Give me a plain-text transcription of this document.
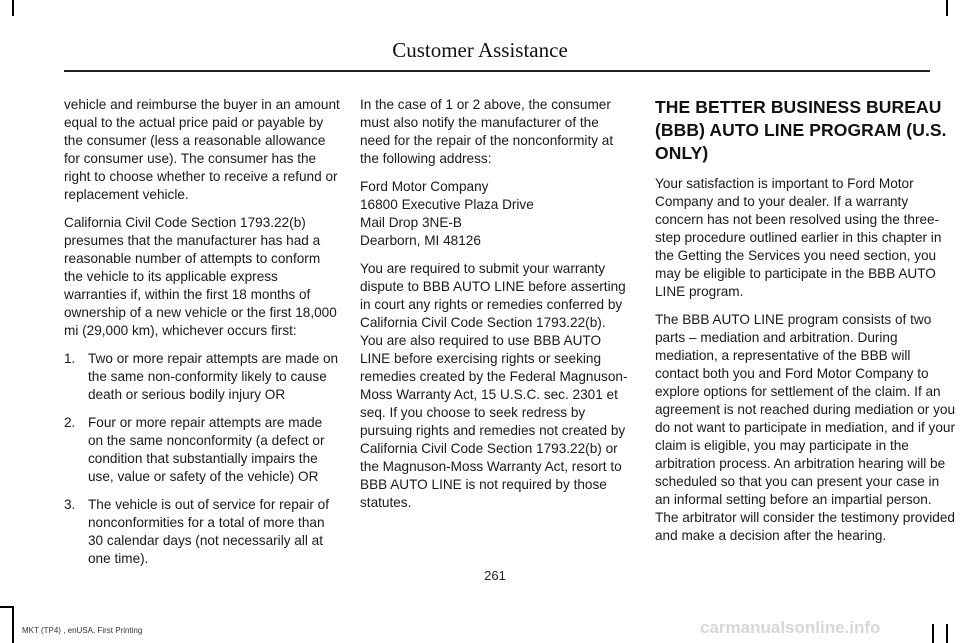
Customer Assistance

vehicle and reimburse the buyer in an amount equal to the actual price paid or payable by the consumer (less a reasonable allowance for consumer use). The consumer has the right to choose whether to receive a refund or replacement vehicle.

California Civil Code Section 1793.22(b) presumes that the manufacturer has had a reasonable number of attempts to conform the vehicle to its applicable express warranties if, within the first 18 months of ownership of a new vehicle or the first 18,000 mi (29,000 km), whichever occurs first:

1. Two or more repair attempts are made on the same non-conformity likely to cause death or serious bodily injury OR
2. Four or more repair attempts are made on the same nonconformity (a defect or condition that substantially impairs the use, value or safety of the vehicle) OR
3. The vehicle is out of service for repair of nonconformities for a total of more than 30 calendar days (not necessarily all at one time).

In the case of 1 or 2 above, the consumer must also notify the manufacturer of the need for the repair of the nonconformity at the following address:

Ford Motor Company
16800 Executive Plaza Drive
Mail Drop 3NE-B
Dearborn, MI 48126

You are required to submit your warranty dispute to BBB AUTO LINE before asserting in court any rights or remedies conferred by California Civil Code Section 1793.22(b). You are also required to use BBB AUTO LINE before exercising rights or seeking remedies created by the Federal Magnuson-Moss Warranty Act, 15 U.S.C. sec. 2301 et seq. If you choose to seek redress by pursuing rights and remedies not created by California Civil Code Section 1793.22(b) or the Magnuson-Moss Warranty Act, resort to BBB AUTO LINE is not required by those statutes.

THE BETTER BUSINESS BUREAU (BBB) AUTO LINE PROGRAM (U.S. ONLY)

Your satisfaction is important to Ford Motor Company and to your dealer. If a warranty concern has not been resolved using the three-step procedure outlined earlier in this chapter in the Getting the Services you need section, you may be eligible to participate in the BBB AUTO LINE program.

The BBB AUTO LINE program consists of two parts – mediation and arbitration. During mediation, a representative of the BBB will contact both you and Ford Motor Company to explore options for settlement of the claim. If an agreement is not reached during mediation or you do not want to participate in mediation, and if your claim is eligible, you may participate in the arbitration process. An arbitration hearing will be scheduled so that you can present your case in an informal setting before an impartial person. The arbitrator will consider the testimony provided and make a decision after the hearing.

261
MKT (TP4) , enUSA, First Printing	carmanualsonline.info
